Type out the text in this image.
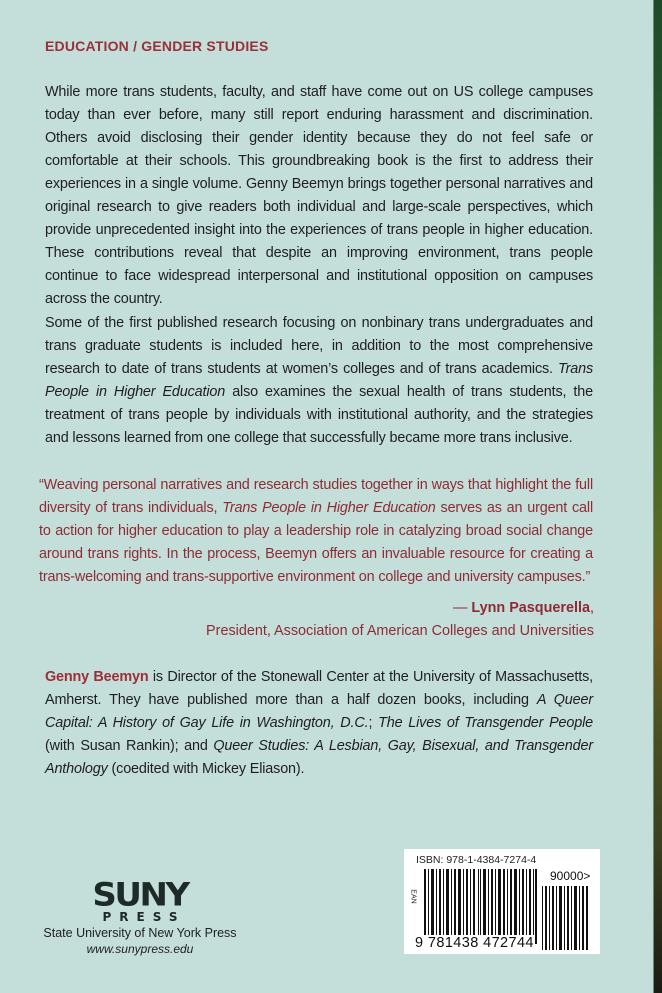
EDUCATION / GENDER STUDIES

While more trans students, faculty, and staff have come out on US college campuses today than ever before, many still report enduring harassment and discrimination. Others avoid disclosing their gender identity because they do not feel safe or comfortable at their schools. This groundbreaking book is the first to address their experiences in a single volume. Genny Beemyn brings together personal narratives and original research to give readers both individual and large-scale perspectives, which provide unprecedented insight into the experiences of trans people in higher education. These contributions reveal that despite an improving environment, trans people continue to face widespread interpersonal and institutional opposition on campuses across the country.

Some of the first published research focusing on nonbinary trans undergraduates and trans graduate students is included here, in addition to the most comprehensive research to date of trans students at women’s colleges and of trans academics. Trans People in Higher Education also examines the sexual health of trans students, the treatment of trans people by individuals with institutional authority, and the strategies and lessons learned from one college that successfully became more trans inclusive.

“Weaving personal narratives and research studies together in ways that highlight the full diversity of trans individuals, Trans People in Higher Education serves as an urgent call to action for higher education to play a leadership role in catalyzing broad social change around trans rights. In the process, Beemyn offers an invaluable resource for creating a trans-welcoming and trans-supportive environment on college and university campuses.”

— Lynn Pasquerella,
President, Association of American Colleges and Universities

Genny Beemyn is Director of the Stonewall Center at the University of Massachusetts, Amherst. They have published more than a half dozen books, including A Queer Capital: A History of Gay Life in Washington, D.C.; The Lives of Transgender People (with Susan Rankin); and Queer Studies: A Lesbian, Gay, Bisexual, and Transgender Anthology (coedited with Mickey Eliason).

SUNY
PRESS
State University of New York Press
www.sunypress.edu
ISBN: 978-1-4384-7274-4
EAN
90000>
9 781438 472744
